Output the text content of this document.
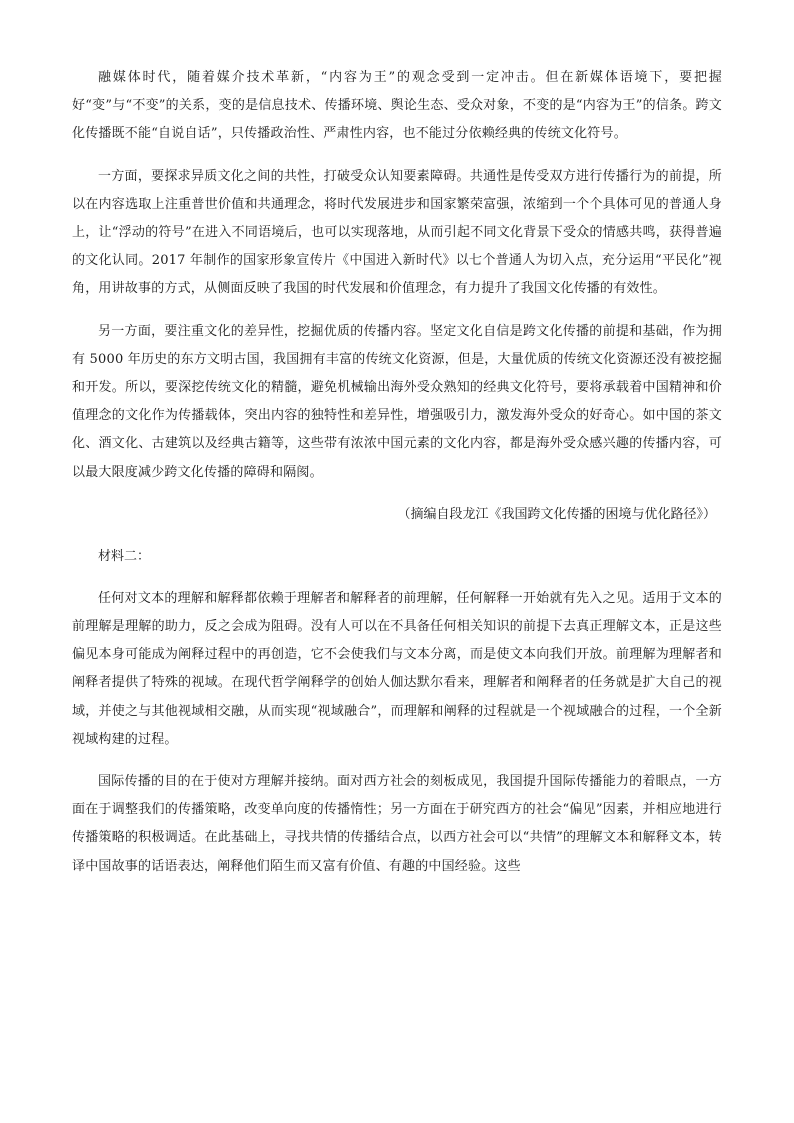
融媒体时代，随着媒介技术革新，“内容为王”的观念受到一定冲击。但在新媒体语境下，要把握好“变”与“不变”的关系，变的是信息技术、传播环境、舆论生态、受众对象，不变的是“内容为王”的信条。跨文化传播既不能“自说自话”，只传播政治性、严肃性内容，也不能过分依赖经典的传统文化符号。

一方面，要探求异质文化之间的共性，打破受众认知要素障碍。共通性是传受双方进行传播行为的前提，所以在内容选取上注重普世价值和共通理念，将时代发展进步和国家繁荣富强，浓缩到一个个具体可见的普通人身上，让“浮动的符号”在进入不同语境后，也可以实现落地，从而引起不同文化背景下受众的情感共鸣，获得普遍的文化认同。2017 年制作的国家形象宣传片《中国进入新时代》以七个普通人为切入点，充分运用“平民化”视角，用讲故事的方式，从侧面反映了我国的时代发展和价值理念，有力提升了我国文化传播的有效性。

另一方面，要注重文化的差异性，挖掘优质的传播内容。坚定文化自信是跨文化传播的前提和基础，作为拥有 5000 年历史的东方文明古国，我国拥有丰富的传统文化资源，但是，大量优质的传统文化资源还没有被挖掘和开发。所以，要深挖传统文化的精髓，避免机械输出海外受众熟知的经典文化符号，要将承载着中国精神和价值理念的文化作为传播载体，突出内容的独特性和差异性，增强吸引力，激发海外受众的好奇心。如中国的茶文化、酒文化、古建筑以及经典古籍等，这些带有浓浓中国元素的文化内容，都是海外受众感兴趣的传播内容，可以最大限度减少跨文化传播的障碍和隔阂。

（摘编自段龙江《我国跨文化传播的困境与优化路径》）

材料二：

任何对文本的理解和解释都依赖于理解者和解释者的前理解，任何解释一开始就有先入之见。适用于文本的前理解是理解的助力，反之会成为阻碍。没有人可以在不具备任何相关知识的前提下去真正理解文本，正是这些偏见本身可能成为阐释过程中的再创造，它不会使我们与文本分离，而是使文本向我们开放。前理解为理解者和阐释者提供了特殊的视域。在现代哲学阐释学的创始人伽达默尔看来，理解者和阐释者的任务就是扩大自己的视域，并使之与其他视域相交融，从而实现“视域融合”，而理解和阐释的过程就是一个视域融合的过程，一个全新视域构建的过程。

国际传播的目的在于使对方理解并接纳。面对西方社会的刻板成见，我国提升国际传播能力的着眼点，一方面在于调整我们的传播策略，改变单向度的传播惰性；另一方面在于研究西方的社会“偏见”因素，并相应地进行传播策略的积极调适。在此基础上，寻找共情的传播结合点，以西方社会可以“共情”的理解文本和解释文本，转译中国故事的话语表达，阐释他们陌生而又富有价值、有趣的中国经验。这些
